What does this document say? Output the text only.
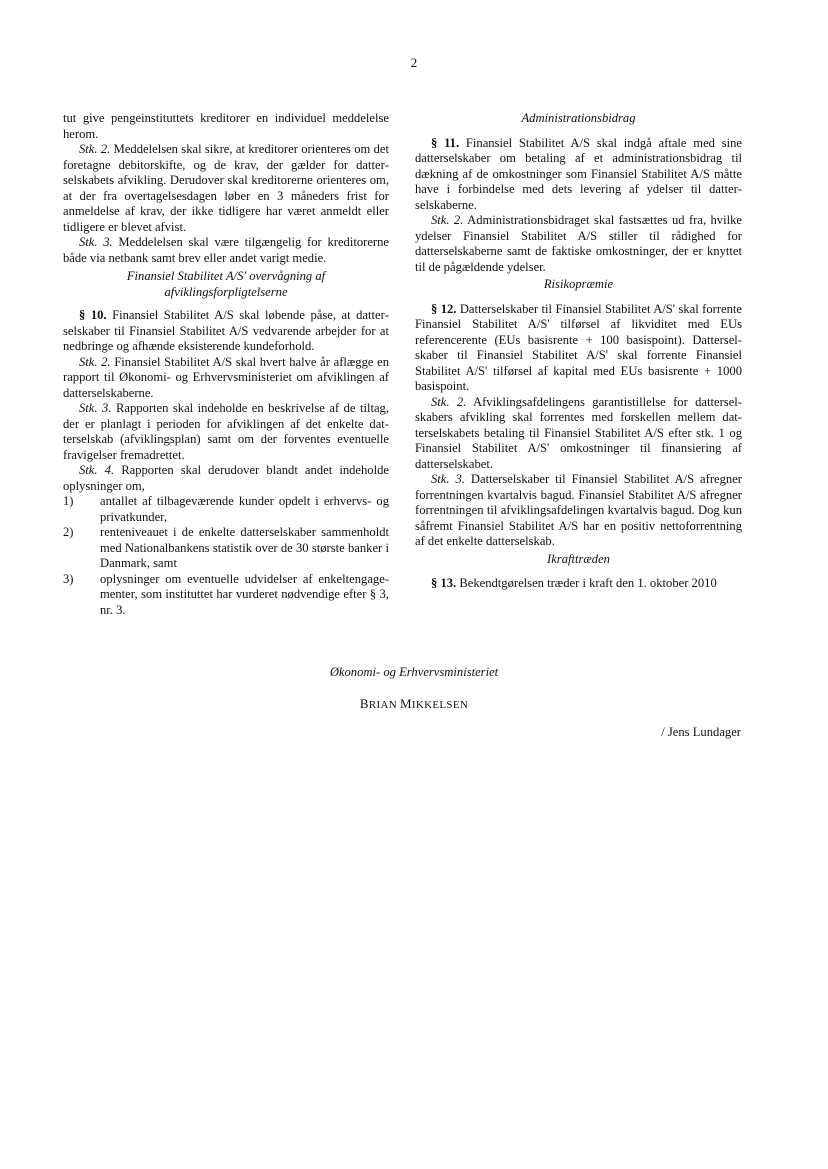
2

tut give pengeinstituttets kreditorer en individuel meddelelse herom.

Stk. 2. Meddelelsen skal sikre, at kreditorer orienteres om det foretagne debitorskifte, og de krav, der gælder for datterselskabets afvikling. Derudover skal kreditorerne orienteres om, at der fra overtagelsesdagen løber en 3 måneders frist for anmeldelse af krav, der ikke tidligere har været anmeldt eller tidligere er blevet afvist.

Stk. 3. Meddelelsen skal være tilgængelig for kreditorerne både via netbank samt brev eller andet varigt medie.

Finansiel Stabilitet A/S' overvågning af afviklingsforpligtelserne

§ 10. Finansiel Stabilitet A/S skal løbende påse, at datterselskaber til Finansiel Stabilitet A/S vedvarende arbejder for at nedbringe og afhænde eksisterende kundeforhold.

Stk. 2. Finansiel Stabilitet A/S skal hvert halve år aflægge en rapport til Økonomi- og Erhvervsministeriet om afviklingen af datterselskaberne.

Stk. 3. Rapporten skal indeholde en beskrivelse af de tiltag, der er planlagt i perioden for afviklingen af det enkelte datterselskab (afviklingsplan) samt om der forventes eventuelle fravigelser fremadrettet.

Stk. 4. Rapporten skal derudover blandt andet indeholde oplysninger om,

1) antallet af tilbageværende kunder opdelt i erhvervs- og privatkunder,
2) renteniveauet i de enkelte datterselskaber sammenholdt med Nationalbankens statistik over de 30 største banker i Danmark, samt
3) oplysninger om eventuelle udvidelser af enkeltengagementer, som instituttet har vurderet nødvendige efter § 3, nr. 3.

Administrationsbidrag

§ 11. Finansiel Stabilitet A/S skal indgå aftale med sine datterselskaber om betaling af et administrationsbidrag til dækning af de omkostninger som Finansiel Stabilitet A/S måtte have i forbindelse med dets levering af ydelser til datterselskaberne.

Stk. 2. Administrationsbidraget skal fastsættes ud fra, hvilke ydelser Finansiel Stabilitet A/S stiller til rådighed for datterselskaberne samt de faktiske omkostninger, der er knyttet til de pågældende ydelser.

Risikopræmie

§ 12. Datterselskaber til Finansiel Stabilitet A/S' skal forrente Finansiel Stabilitet A/S' tilførsel af likviditet med EUs referencerente (EUs basisrente + 100 basispoint). Datterselskaber til Finansiel Stabilitet A/S' skal forrente Finansiel Stabilitet A/S' tilførsel af kapital med EUs basisrente + 1000 basispoint.

Stk. 2. Afviklingsafdelingens garantistillelse for datterselskabers afvikling skal forrentes med forskellen mellem datterselskabets betaling til Finansiel Stabilitet A/S efter stk. 1 og Finansiel Stabilitet A/S' omkostninger til finansiering af datterselskabet.

Stk. 3. Datterselskaber til Finansiel Stabilitet A/S afregner forrentningen kvartalvis bagud. Finansiel Stabilitet A/S afregner forrentningen til afviklingsafdelingen kvartalvis bagud. Dog kun såfremt Finansiel Stabilitet A/S har en positiv nettoforrentning af det enkelte datterselskab.

Ikrafttræden

§ 13. Bekendtgørelsen træder i kraft den 1. oktober 2010

Økonomi- og Erhvervsministeriet
BRIAN MIKKELSEN
/ Jens Lundager
